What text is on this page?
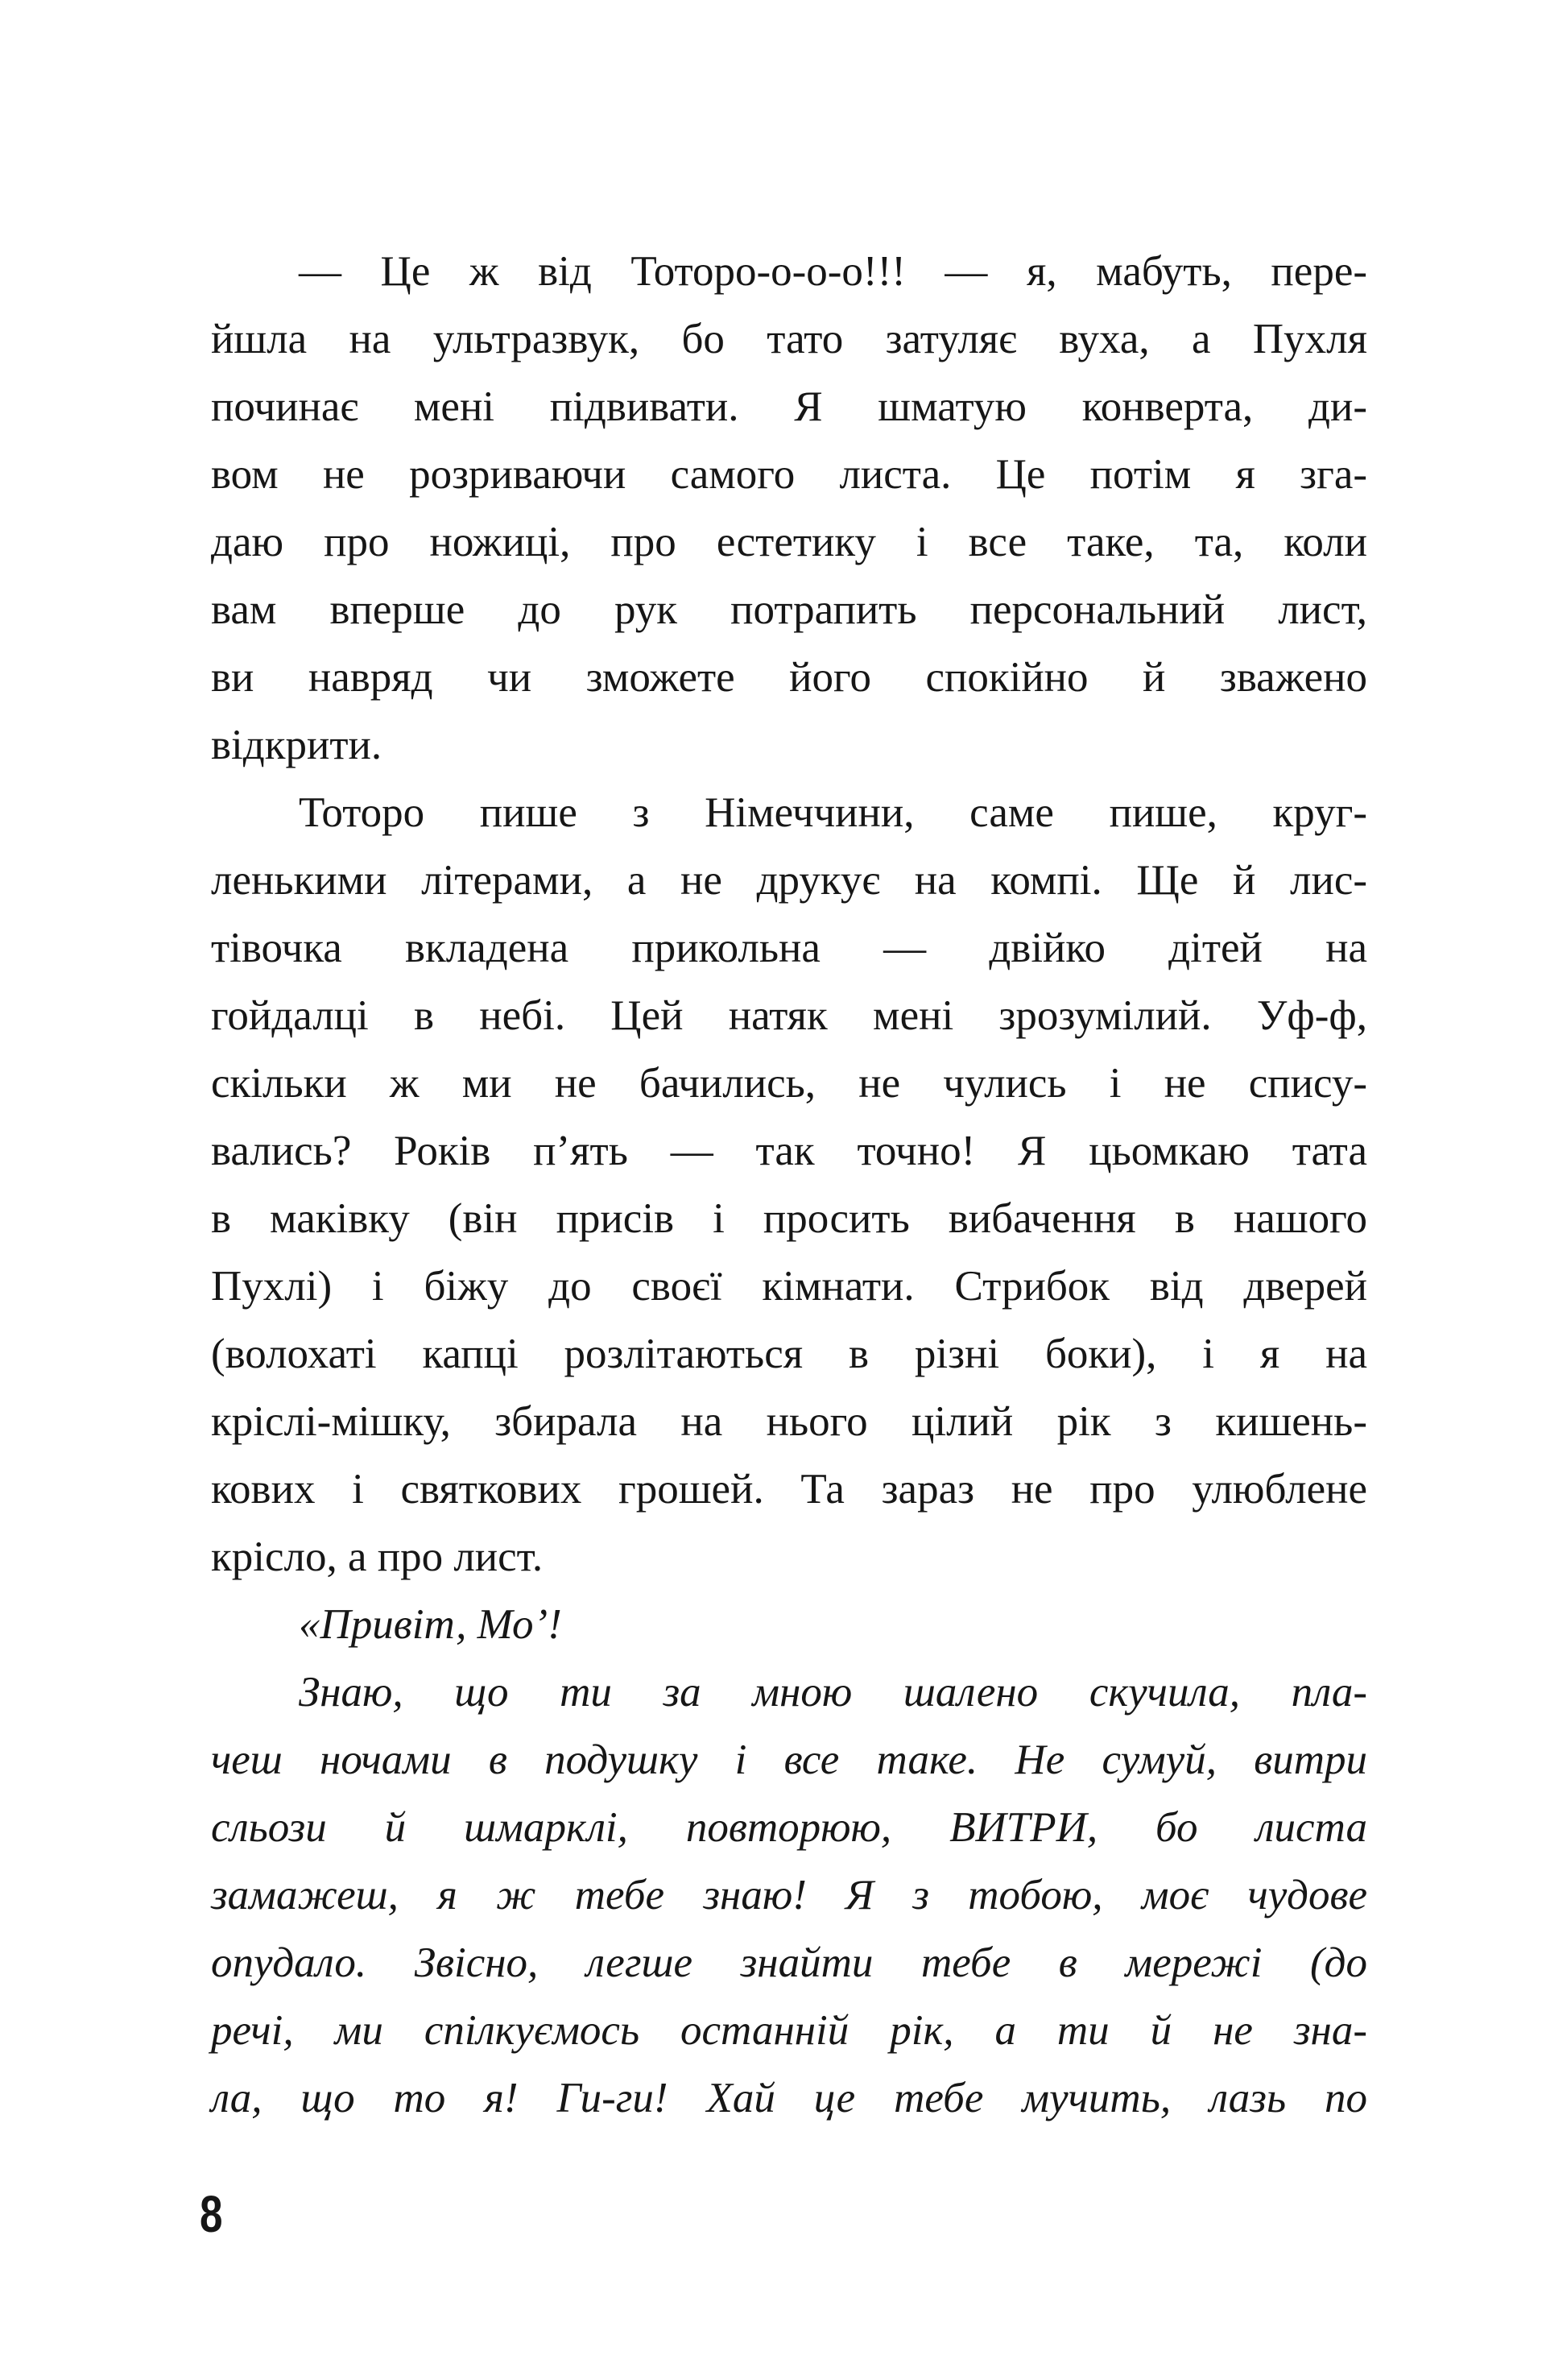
— Це ж від Тоторо-о-о-о!!! — я, мабуть, пере-
йшла на ультразвук, бо тато затуляє вуха, а Пухля
починає мені підвивати. Я шматую конверта, ди-
вом не розриваючи самого листа. Це потім я зга-
даю про ножиці, про естетику і все таке, та, коли
вам вперше до рук потрапить персональний лист,
ви навряд чи зможете його спокійно й зважено
відкрити.
Тоторо пише з Німеччини, саме пише, круг-
ленькими літерами, а не друкує на компі. Ще й лис-
тівочка вкладена прикольна — двійко дітей на
гойдалці в небі. Цей натяк мені зрозумілий. Уф-ф,
скільки ж ми не бачились, не чулись і не спису-
вались? Років п’ять — так точно! Я цьомкаю тата
в маківку (він присів і просить вибачення в нашого
Пухлі) і біжу до своєї кімнати. Стрибок від дверей
(волохаті капці розлітаються в різні боки), і я на
кріслі-мішку, збирала на нього цілий рік з кишень-
кових і святкових грошей. Та зараз не про улюблене
крісло, а про лист.
«Привіт, Мо’!
Знаю, що ти за мною шалено скучила, пла-
чеш ночами в подушку і все таке. Не сумуй, витри
сльози й шмарклі, повторюю, ВИТРИ, бо листа
замажеш, я ж тебе знаю! Я з тобою, моє чудове
опудало. Звісно, легше знайти тебе в мережі (до
речі, ми спілкуємось останній рік, а ти й не зна-
ла, що то я! Ги-ги! Хай це тебе мучить, лазь по
8
